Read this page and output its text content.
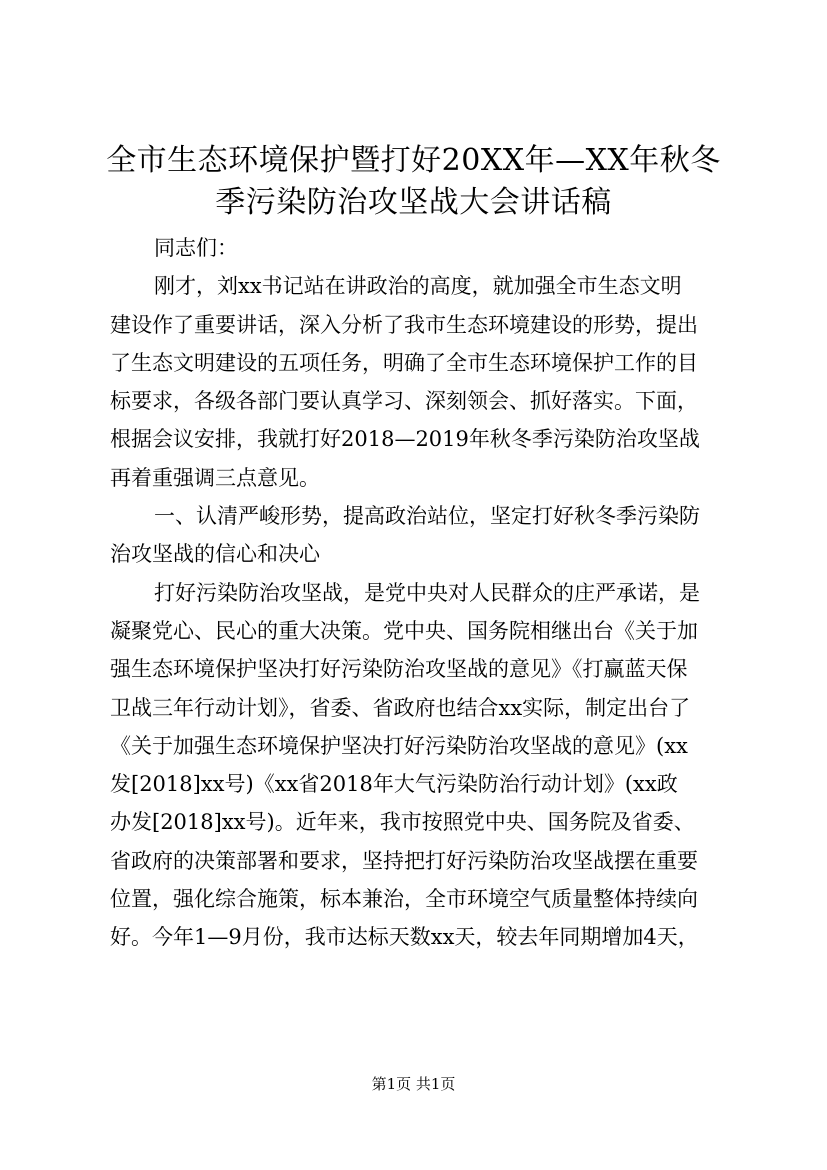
全市生态环境保护暨打好20XX年—XX年秋冬
季污染防治攻坚战大会讲话稿
同志们：
刚才，刘xx书记站在讲政治的高度，就加强全市生态文明
建设作了重要讲话，深入分析了我市生态环境建设的形势，提出
了生态文明建设的五项任务，明确了全市生态环境保护工作的目
标要求，各级各部门要认真学习、深刻领会、抓好落实。下面，
根据会议安排，我就打好2018—2019年秋冬季污染防治攻坚战
再着重强调三点意见。
一、认清严峻形势，提高政治站位，坚定打好秋冬季污染防
治攻坚战的信心和决心
打好污染防治攻坚战，是党中央对人民群众的庄严承诺，是
凝聚党心、民心的重大决策。党中央、国务院相继出台《关于加
强生态环境保护坚决打好污染防治攻坚战的意见》《打赢蓝天保
卫战三年行动计划》，省委、省政府也结合xx实际，制定出台了
《关于加强生态环境保护坚决打好污染防治攻坚战的意见》(xx
发[2018]xx号)《xx省2018年大气污染防治行动计划》(xx政
办发[2018]xx号)。近年来，我市按照党中央、国务院及省委、
省政府的决策部署和要求，坚持把打好污染防治攻坚战摆在重要
位置，强化综合施策，标本兼治，全市环境空气质量整体持续向
好。今年1—9月份，我市达标天数xx天，较去年同期增加4天，
第1页 共1页
